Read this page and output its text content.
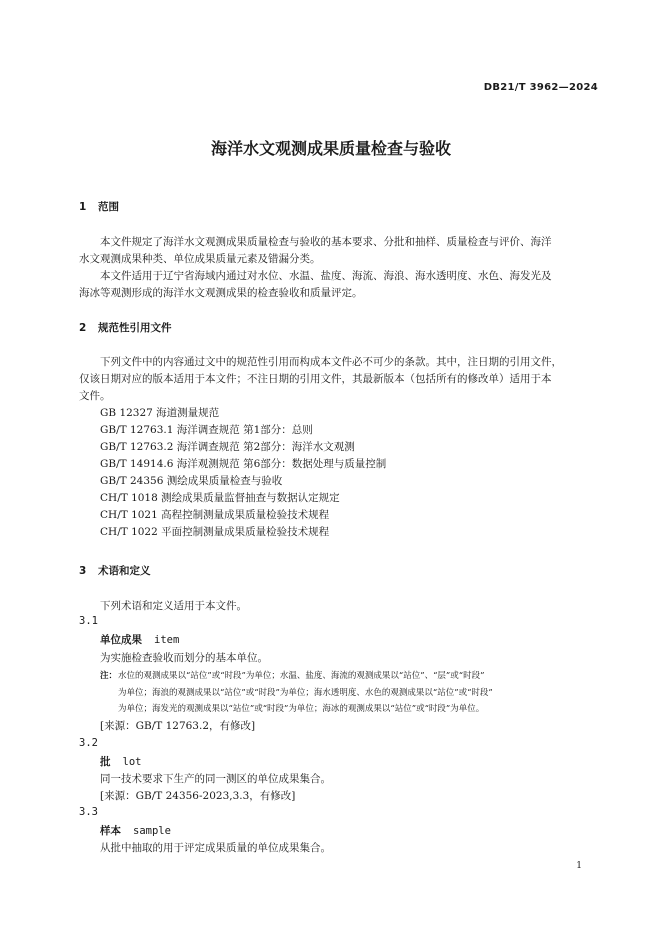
DB21/T 3962—2024
海洋水文观测成果质量检查与验收
1 范围
本文件规定了海洋水文观测成果质量检查与验收的基本要求、分批和抽样、质量检查与评价、海洋
水文观测成果种类、单位成果质量元素及错漏分类。
本文件适用于辽宁省海域内通过对水位、水温、盐度、海流、海浪、海水透明度、水色、海发光及
海冰等观测形成的海洋水文观测成果的检查验收和质量评定。
2 规范性引用文件
下列文件中的内容通过文中的规范性引用而构成本文件必不可少的条款。其中，注日期的引用文件，
仅该日期对应的版本适用于本文件；不注日期的引用文件，其最新版本（包括所有的修改单）适用于本
文件。
GB 12327 海道测量规范
GB/T 12763.1 海洋调查规范 第1部分：总则
GB/T 12763.2 海洋调查规范 第2部分：海洋水文观测
GB/T 14914.6 海洋观测规范 第6部分：数据处理与质量控制
GB/T 24356 测绘成果质量检查与验收
CH/T 1018 测绘成果质量监督抽查与数据认定规定
CH/T 1021 高程控制测量成果质量检验技术规程
CH/T 1022 平面控制测量成果质量检验技术规程
3 术语和定义
下列术语和定义适用于本文件。
3.1
单位成果 item
为实施检查验收而划分的基本单位。
注： 水位的观测成果以“站位”或“时段”为单位；水温、盐度、海流的观测成果以“站位”、“层”或“时段”
为单位；海浪的观测成果以“站位”或“时段”为单位；海水透明度、水色的观测成果以“站位”或“时段”
为单位；海发光的观测成果以“站位”或“时段”为单位；海冰的观测成果以“站位”或“时段”为单位。
[来源：GB/T 12763.2，有修改]
3.2
批 lot
同一技术要求下生产的同一测区的单位成果集合。
[来源：GB/T 24356-2023,3.3，有修改]
3.3
样本 sample
从批中抽取的用于评定成果质量的单位成果集合。
1
